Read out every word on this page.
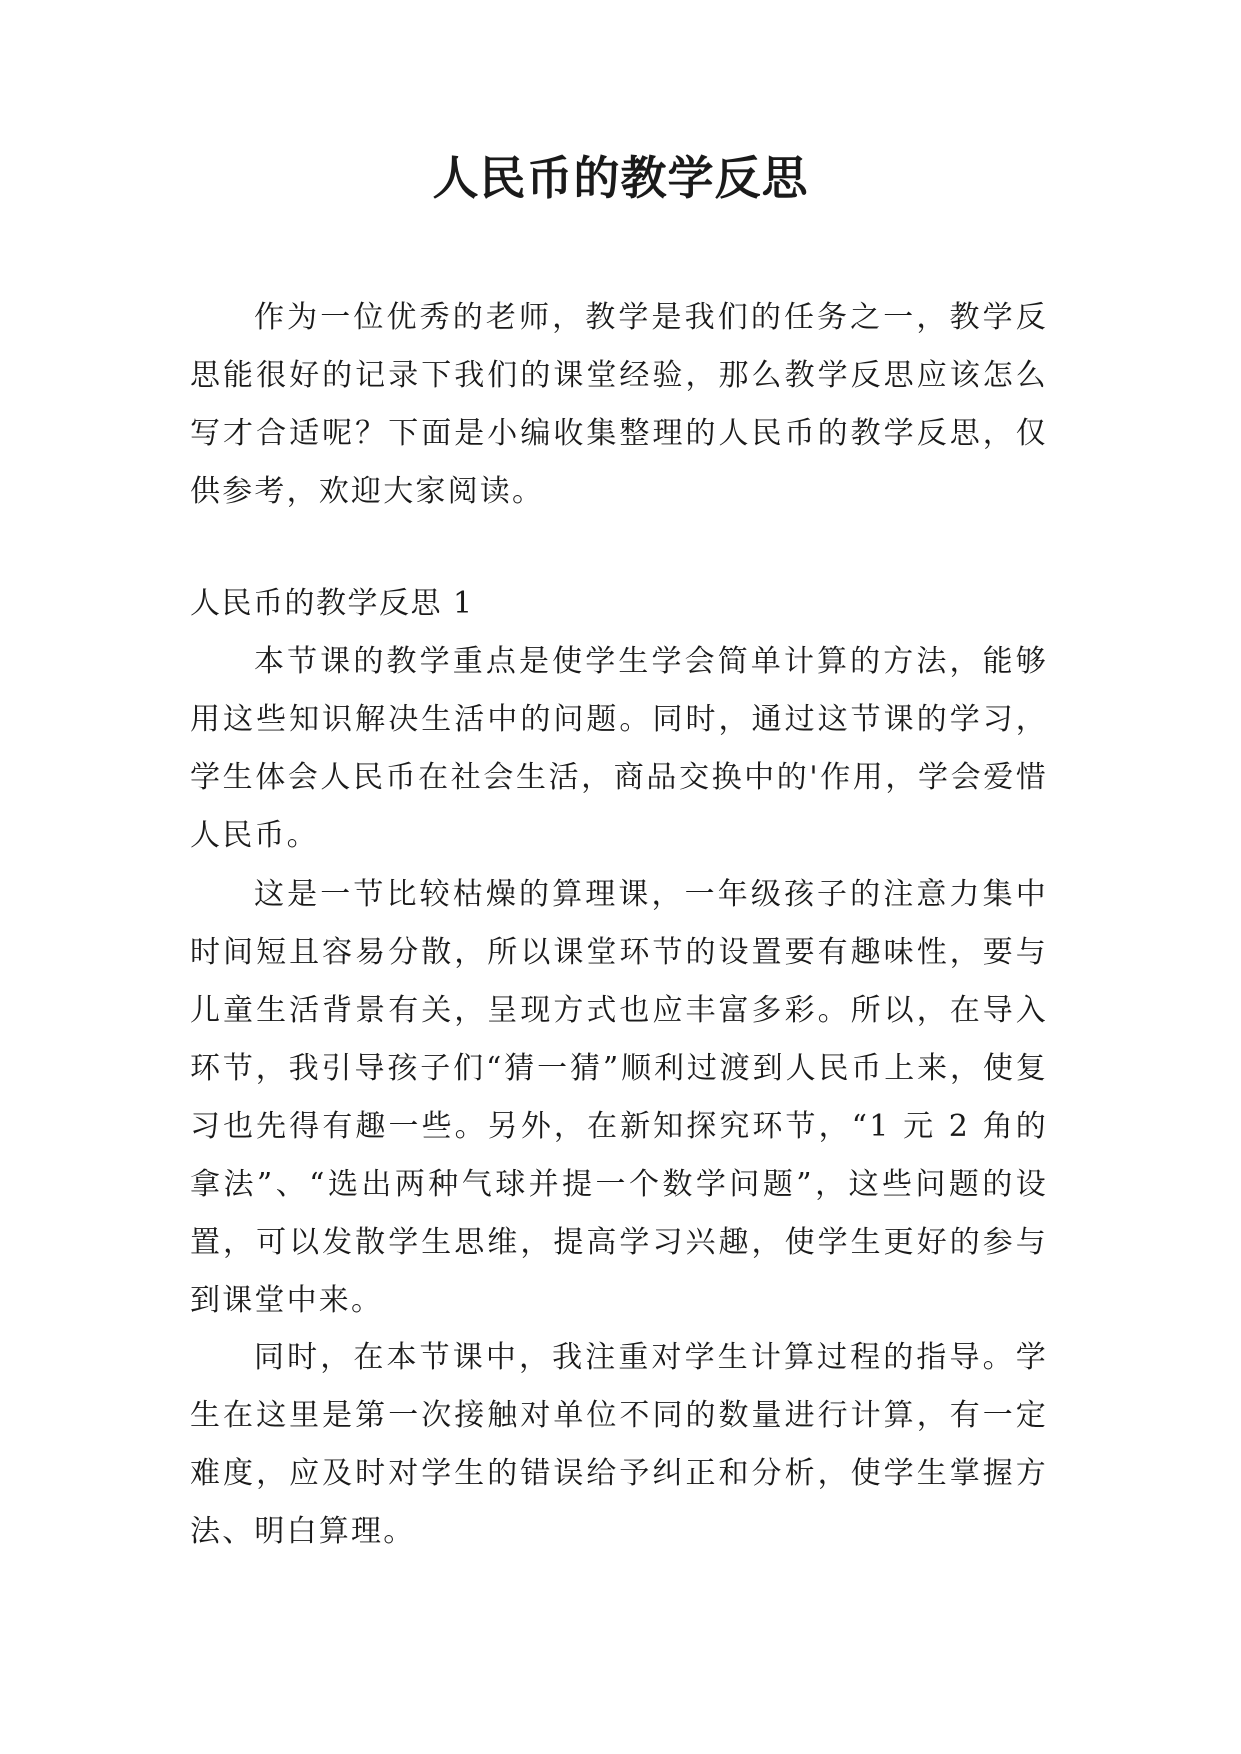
人民币的教学反思

作为一位优秀的老师，教学是我们的任务之一，教学反思能很好的记录下我们的课堂经验，那么教学反思应该怎么写才合适呢？下面是小编收集整理的人民币的教学反思，仅供参考，欢迎大家阅读。

人民币的教学反思 1

本节课的教学重点是使学生学会简单计算的方法，能够用这些知识解决生活中的问题。同时，通过这节课的学习，学生体会人民币在社会生活，商品交换中的'作用，学会爱惜人民币。

这是一节比较枯燥的算理课，一年级孩子的注意力集中时间短且容易分散，所以课堂环节的设置要有趣味性，要与儿童生活背景有关，呈现方式也应丰富多彩。所以，在导入环节，我引导孩子们“猜一猜”顺利过渡到人民币上来，使复习也先得有趣一些。另外，在新知探究环节，“1 元 2 角的拿法”、“选出两种气球并提一个数学问题”，这些问题的设置，可以发散学生思维，提高学习兴趣，使学生更好的参与到课堂中来。

同时，在本节课中，我注重对学生计算过程的指导。学生在这里是第一次接触对单位不同的数量进行计算，有一定难度，应及时对学生的错误给予纠正和分析，使学生掌握方法、明白算理。
